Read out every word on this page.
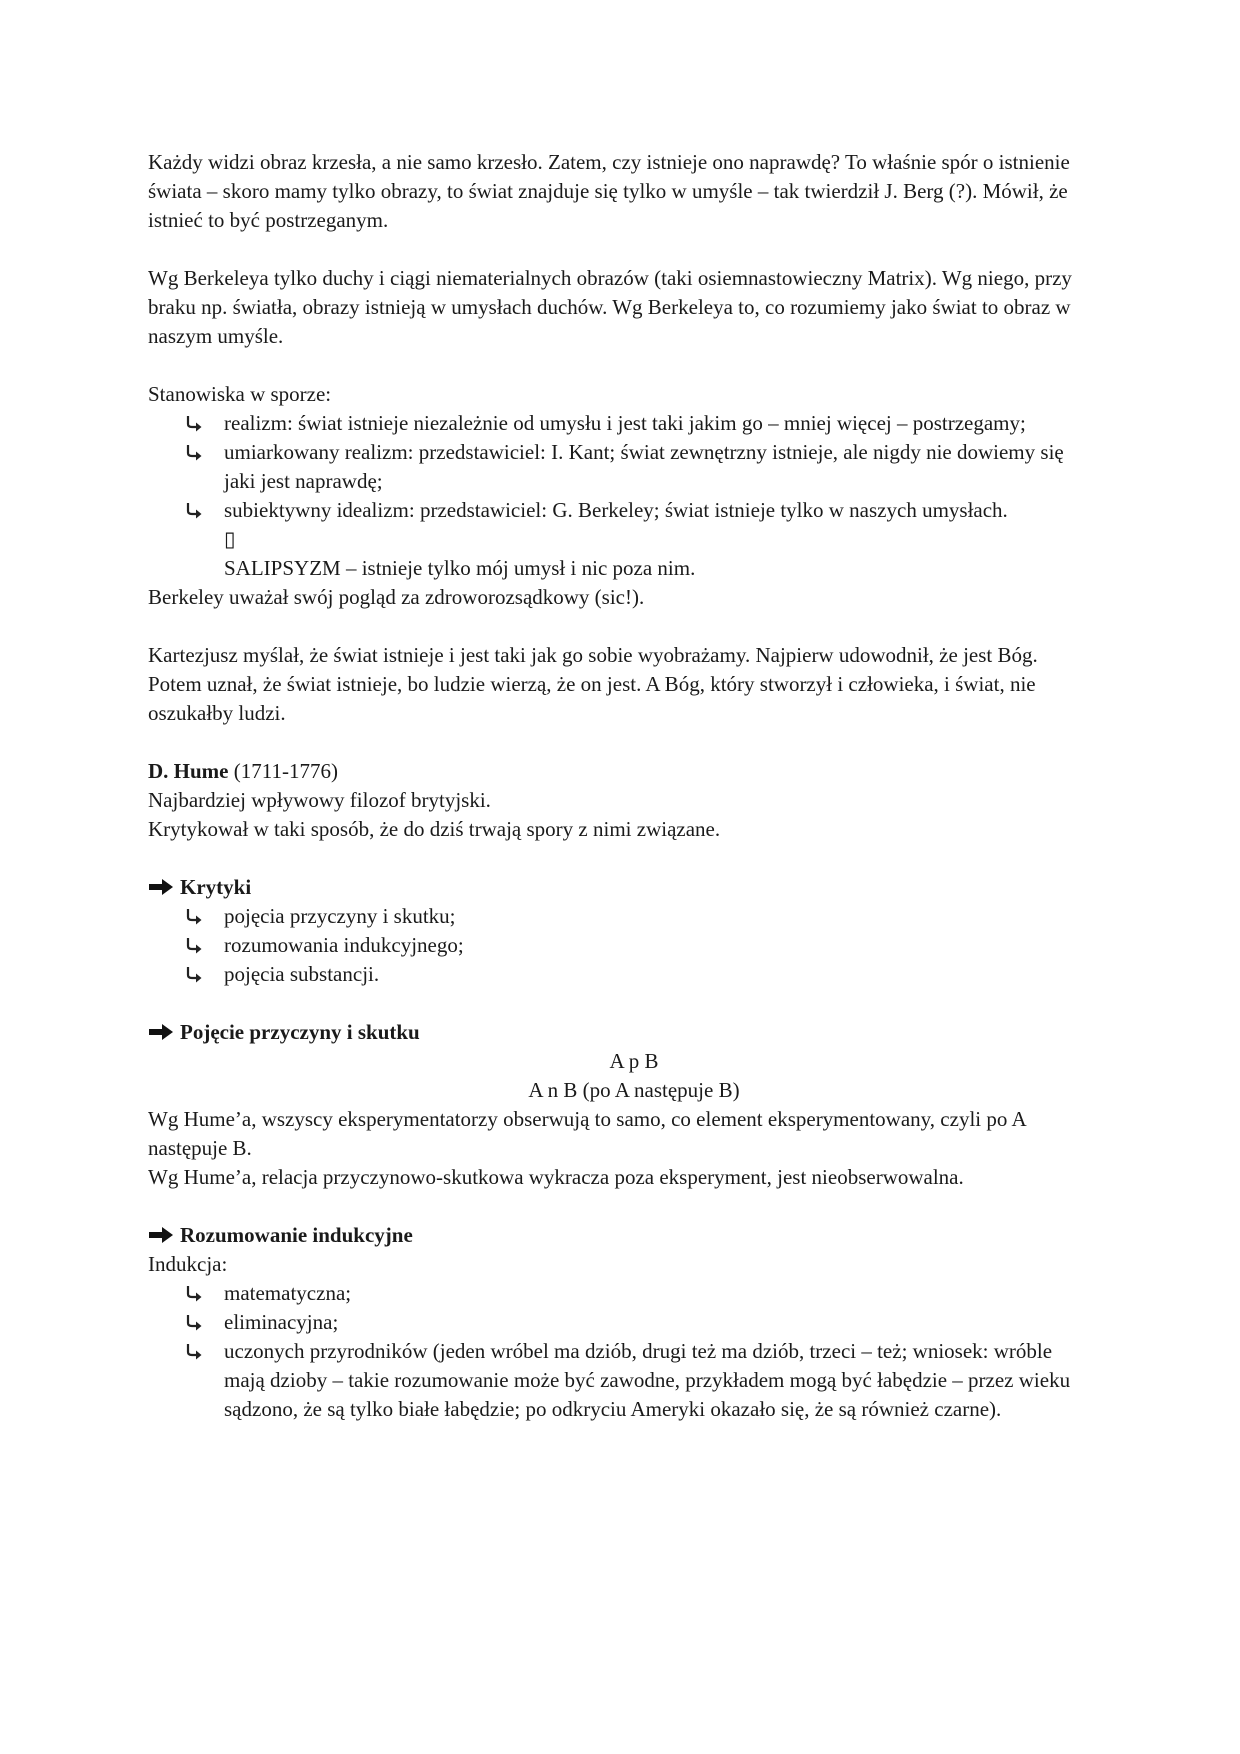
Każdy widzi obraz krzesła, a nie samo krzesło. Zatem, czy istnieje ono naprawdę? To właśnie spór o istnienie świata – skoro mamy tylko obrazy, to świat znajduje się tylko w umyśle – tak twierdził J. Berg (?). Mówił, że istnieć to być postrzeganym.

Wg Berkeleya tylko duchy i ciągi niematerialnych obrazów (taki osiemnastowieczny Matrix). Wg niego, przy braku np. światła, obrazy istnieją w umysłach duchów. Wg Berkeleya to, co rozumiemy jako świat to obraz w naszym umyśle.

Stanowiska w sporze:

realizm: świat istnieje niezależnie od umysłu i jest taki jakim go – mniej więcej – postrzegamy;
umiarkowany realizm: przedstawiciel: I. Kant; świat zewnętrzny istnieje, ale nigdy nie dowiemy się jaki jest naprawdę;
subiektywny idealizm: przedstawiciel: G. Berkeley; świat istnieje tylko w naszych umysłach.
▯
SALIPSYZM – istnieje tylko mój umysł i nic poza nim.

Berkeley uważał swój pogląd za zdroworozsądkowy (sic!).

Kartezjusz myślał, że świat istnieje i jest taki jak go sobie wyobrażamy. Najpierw udowodnił, że jest Bóg. Potem uznał, że świat istnieje, bo ludzie wierzą, że on jest. A Bóg, który stworzył i człowieka, i świat, nie oszukałby ludzi.

D. Hume (1711-1776)

Najbardziej wpływowy filozof brytyjski.

Krytykował w taki sposób, że do dziś trwają spory z nimi związane.

Krytyki

pojęcia przyczyny i skutku;
rozumowania indukcyjnego;
pojęcia substancji.

Pojęcie przyczyny i skutku

A p B
A n B (po A następuje B)

Wg Hume’a, wszyscy eksperymentatorzy obserwują to samo, co element eksperymentowany, czyli po A następuje B.

Wg Hume’a, relacja przyczynowo-skutkowa wykracza poza eksperyment, jest nieobserwowalna.

Rozumowanie indukcyjne

Indukcja:

matematyczna;
eliminacyjna;
uczonych przyrodników (jeden wróbel ma dziób, drugi też ma dziób, trzeci – też; wniosek: wróble mają dzioby – takie rozumowanie może być zawodne, przykładem mogą być łabędzie – przez wieku sądzono, że są tylko białe łabędzie; po odkryciu Ameryki okazało się, że są również czarne).
